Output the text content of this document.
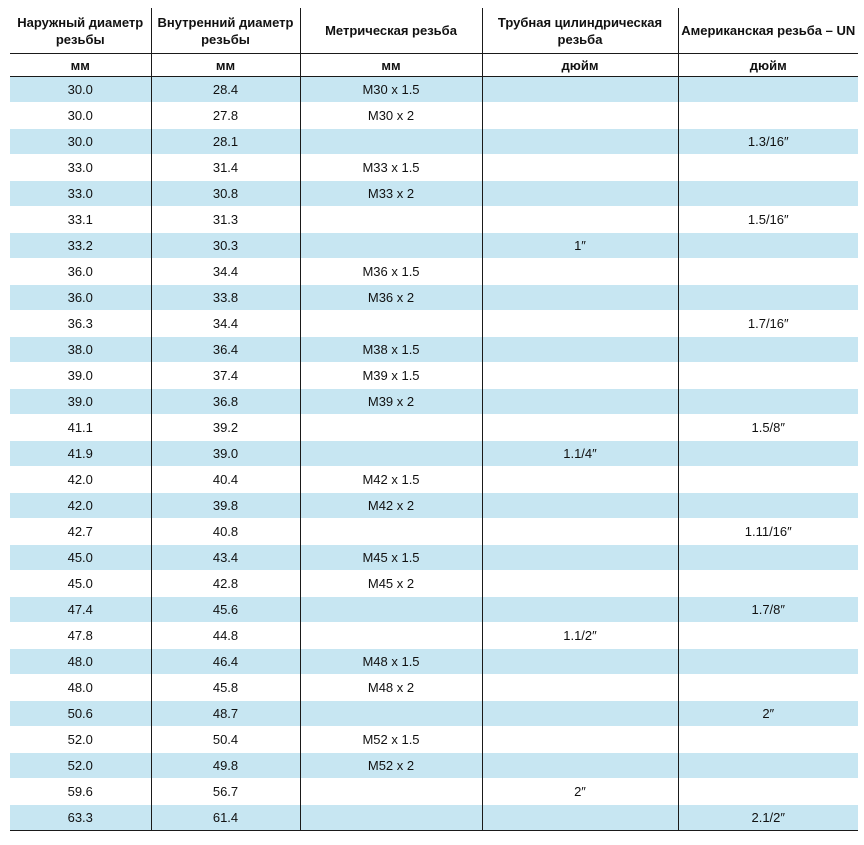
Наружный диаметр резьбы	Внутренний диаметр резьбы	Метрическая резьба	Трубная цилиндрическая резьба	Американская резьба – UN
мм	мм	мм	дюйм	дюйм
30.0	28.4	M30 x 1.5		
30.0	27.8	M30 x 2		
30.0	28.1			1.3/16″
33.0	31.4	M33 x 1.5		
33.0	30.8	M33 x 2		
33.1	31.3			1.5/16″
33.2	30.3		1″	
36.0	34.4	M36 x 1.5		
36.0	33.8	M36 x 2		
36.3	34.4			1.7/16″
38.0	36.4	M38 x 1.5		
39.0	37.4	M39 x 1.5		
39.0	36.8	M39 x 2		
41.1	39.2			1.5/8″
41.9	39.0		1.1/4″	
42.0	40.4	M42 x 1.5		
42.0	39.8	M42 x 2		
42.7	40.8			1.11/16″
45.0	43.4	M45 x 1.5		
45.0	42.8	M45 x 2		
47.4	45.6			1.7/8″
47.8	44.8		1.1/2″	
48.0	46.4	M48 x 1.5		
48.0	45.8	M48 x 2		
50.6	48.7			2″
52.0	50.4	M52 x 1.5		
52.0	49.8	M52 x 2		
59.6	56.7		2″	
63.3	61.4			2.1/2″
